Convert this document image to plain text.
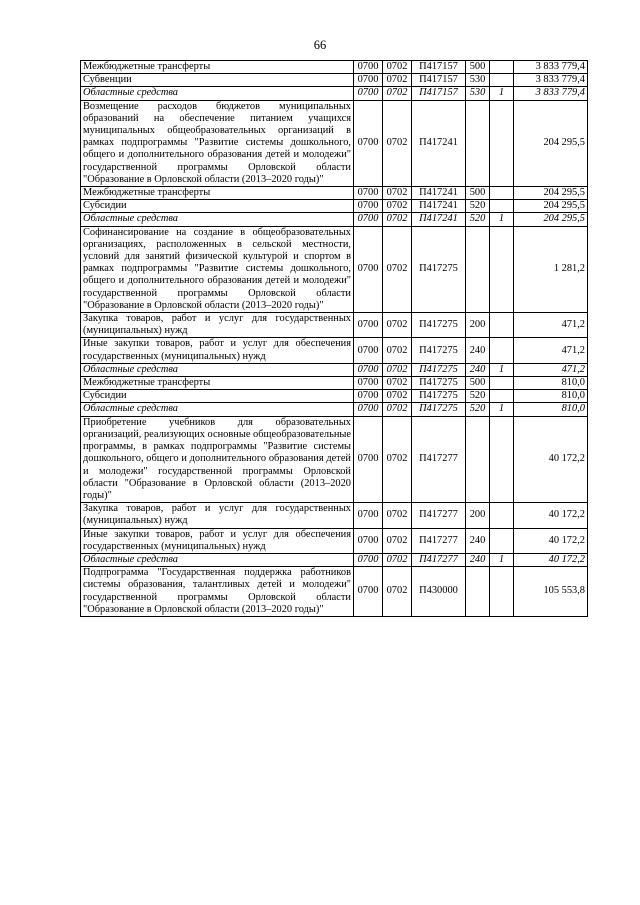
66
Межбюджетные трансферты	0700	0702	П417157	500		3 833 779,4
Субвенции	0700	0702	П417157	530		3 833 779,4
Областные средства	0700	0702	П417157	530	1	3 833 779,4
Возмещение расходов бюджетов муниципальных образований на обеспечение питанием учащихся муниципальных общеобразовательных организаций в рамках подпрограммы "Развитие системы дошкольного, общего и дополнительного образования детей и молодежи" государственной программы Орловской области "Образование в Орловской области (2013–2020 годы)"	0700	0702	П417241			204 295,5
Межбюджетные трансферты	0700	0702	П417241	500		204 295,5
Субсидии	0700	0702	П417241	520		204 295,5
Областные средства	0700	0702	П417241	520	1	204 295,5
Софинансирование на создание в общеобразовательных организациях, расположенных в сельской местности, условий для занятий физической культурой и спортом в рамках подпрограммы "Развитие системы дошкольного, общего и дополнительного образования детей и молодежи" государственной программы Орловской области "Образование в Орловской области (2013–2020 годы)"	0700	0702	П417275			1 281,2
Закупка товаров, работ и услуг для государственных (муниципальных) нужд	0700	0702	П417275	200		471,2
Иные закупки товаров, работ и услуг для обеспечения государственных (муниципальных) нужд	0700	0702	П417275	240		471,2
Областные средства	0700	0702	П417275	240	1	471,2
Межбюджетные трансферты	0700	0702	П417275	500		810,0
Субсидии	0700	0702	П417275	520		810,0
Областные средства	0700	0702	П417275	520	1	810,0
Приобретение учебников для образовательных организаций, реализующих основные общеобразовательные программы, в рамках подпрограммы "Развитие системы дошкольного, общего и дополнительного образования детей и молодежи" государственной программы Орловской области "Образование в Орловской области (2013–2020 годы)"	0700	0702	П417277			40 172,2
Закупка товаров, работ и услуг для государственных (муниципальных) нужд	0700	0702	П417277	200		40 172,2
Иные закупки товаров, работ и услуг для обеспечения государственных (муниципальных) нужд	0700	0702	П417277	240		40 172,2
Областные средства	0700	0702	П417277	240	1	40 172,2
Подпрограмма "Государственная поддержка работников системы образования, талантливых детей и молодежи" государственной программы Орловской области "Образование в Орловской области (2013–2020 годы)"	0700	0702	П430000			105 553,8
